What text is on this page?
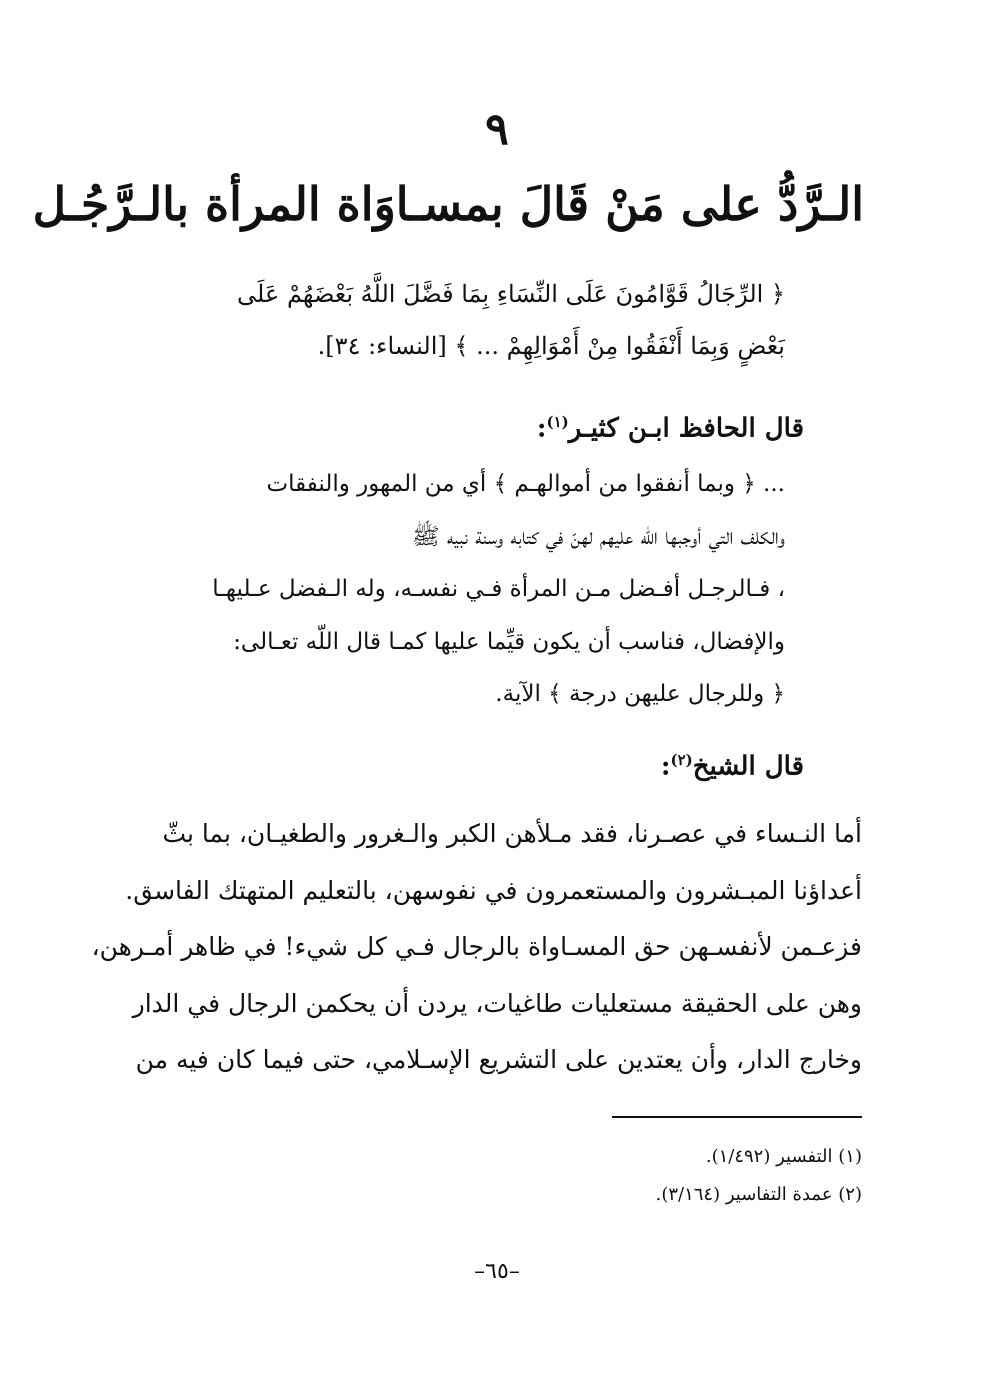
٩
الـرَّدُّ على مَنْ قَالَ بمسـاوَاة المرأة بالـرَّجُـل
﴿ الرِّجَالُ قَوَّامُونَ عَلَى النِّسَاءِ بِمَا فَضَّلَ اللَّهُ بَعْضَهُمْ عَلَى
بَعْضٍ وَبِمَا أَنْفَقُوا مِنْ أَمْوَالِهِمْ ... ﴾ [النساء: ٣٤].
قال الحافظ ابـن كثيـر$^{(١)}$:
... ﴿ وبما أنفقوا من أموالهـم ﴾ أي من المهور والنفقات
والكلف التي أوجبها اللّه عليهم لهنّ في كتابه وسنة نبيه ﷺ
، فـالرجـل أفـضل مـن المرأة فـي نفسـه، وله الـفضل عـليهـا
والإفضال، فناسب أن يكون قيِّما عليها كمـا قال اللّه تعـالى:
﴿ وللرجال عليهن درجة ﴾ الآية.
قال الشيخ$^{(٢)}$:
أما النـساء في عصـرنا، فقد مـلأهن الكبر والـغرور والطغيـان، بما بثّ
أعداؤنا المبـشرون والمستعمرون في نفوسهن، بالتعليم المتهتك الفاسق.
فزعـمن لأنفسـهن حق المسـاواة بالرجال فـي كل شيء! في ظاهر أمـرهن،
وهن على الحقيقة مستعليات طاغيات، يردن أن يحكمن الرجال في الدار
وخارج الدار، وأن يعتدين على التشريع الإسـلامي، حتى فيما كان فيه من
(١) التفسير (١/٤٩٢).
(٢) عمدة التفاسير (٣/١٦٤).
–٦٥–
